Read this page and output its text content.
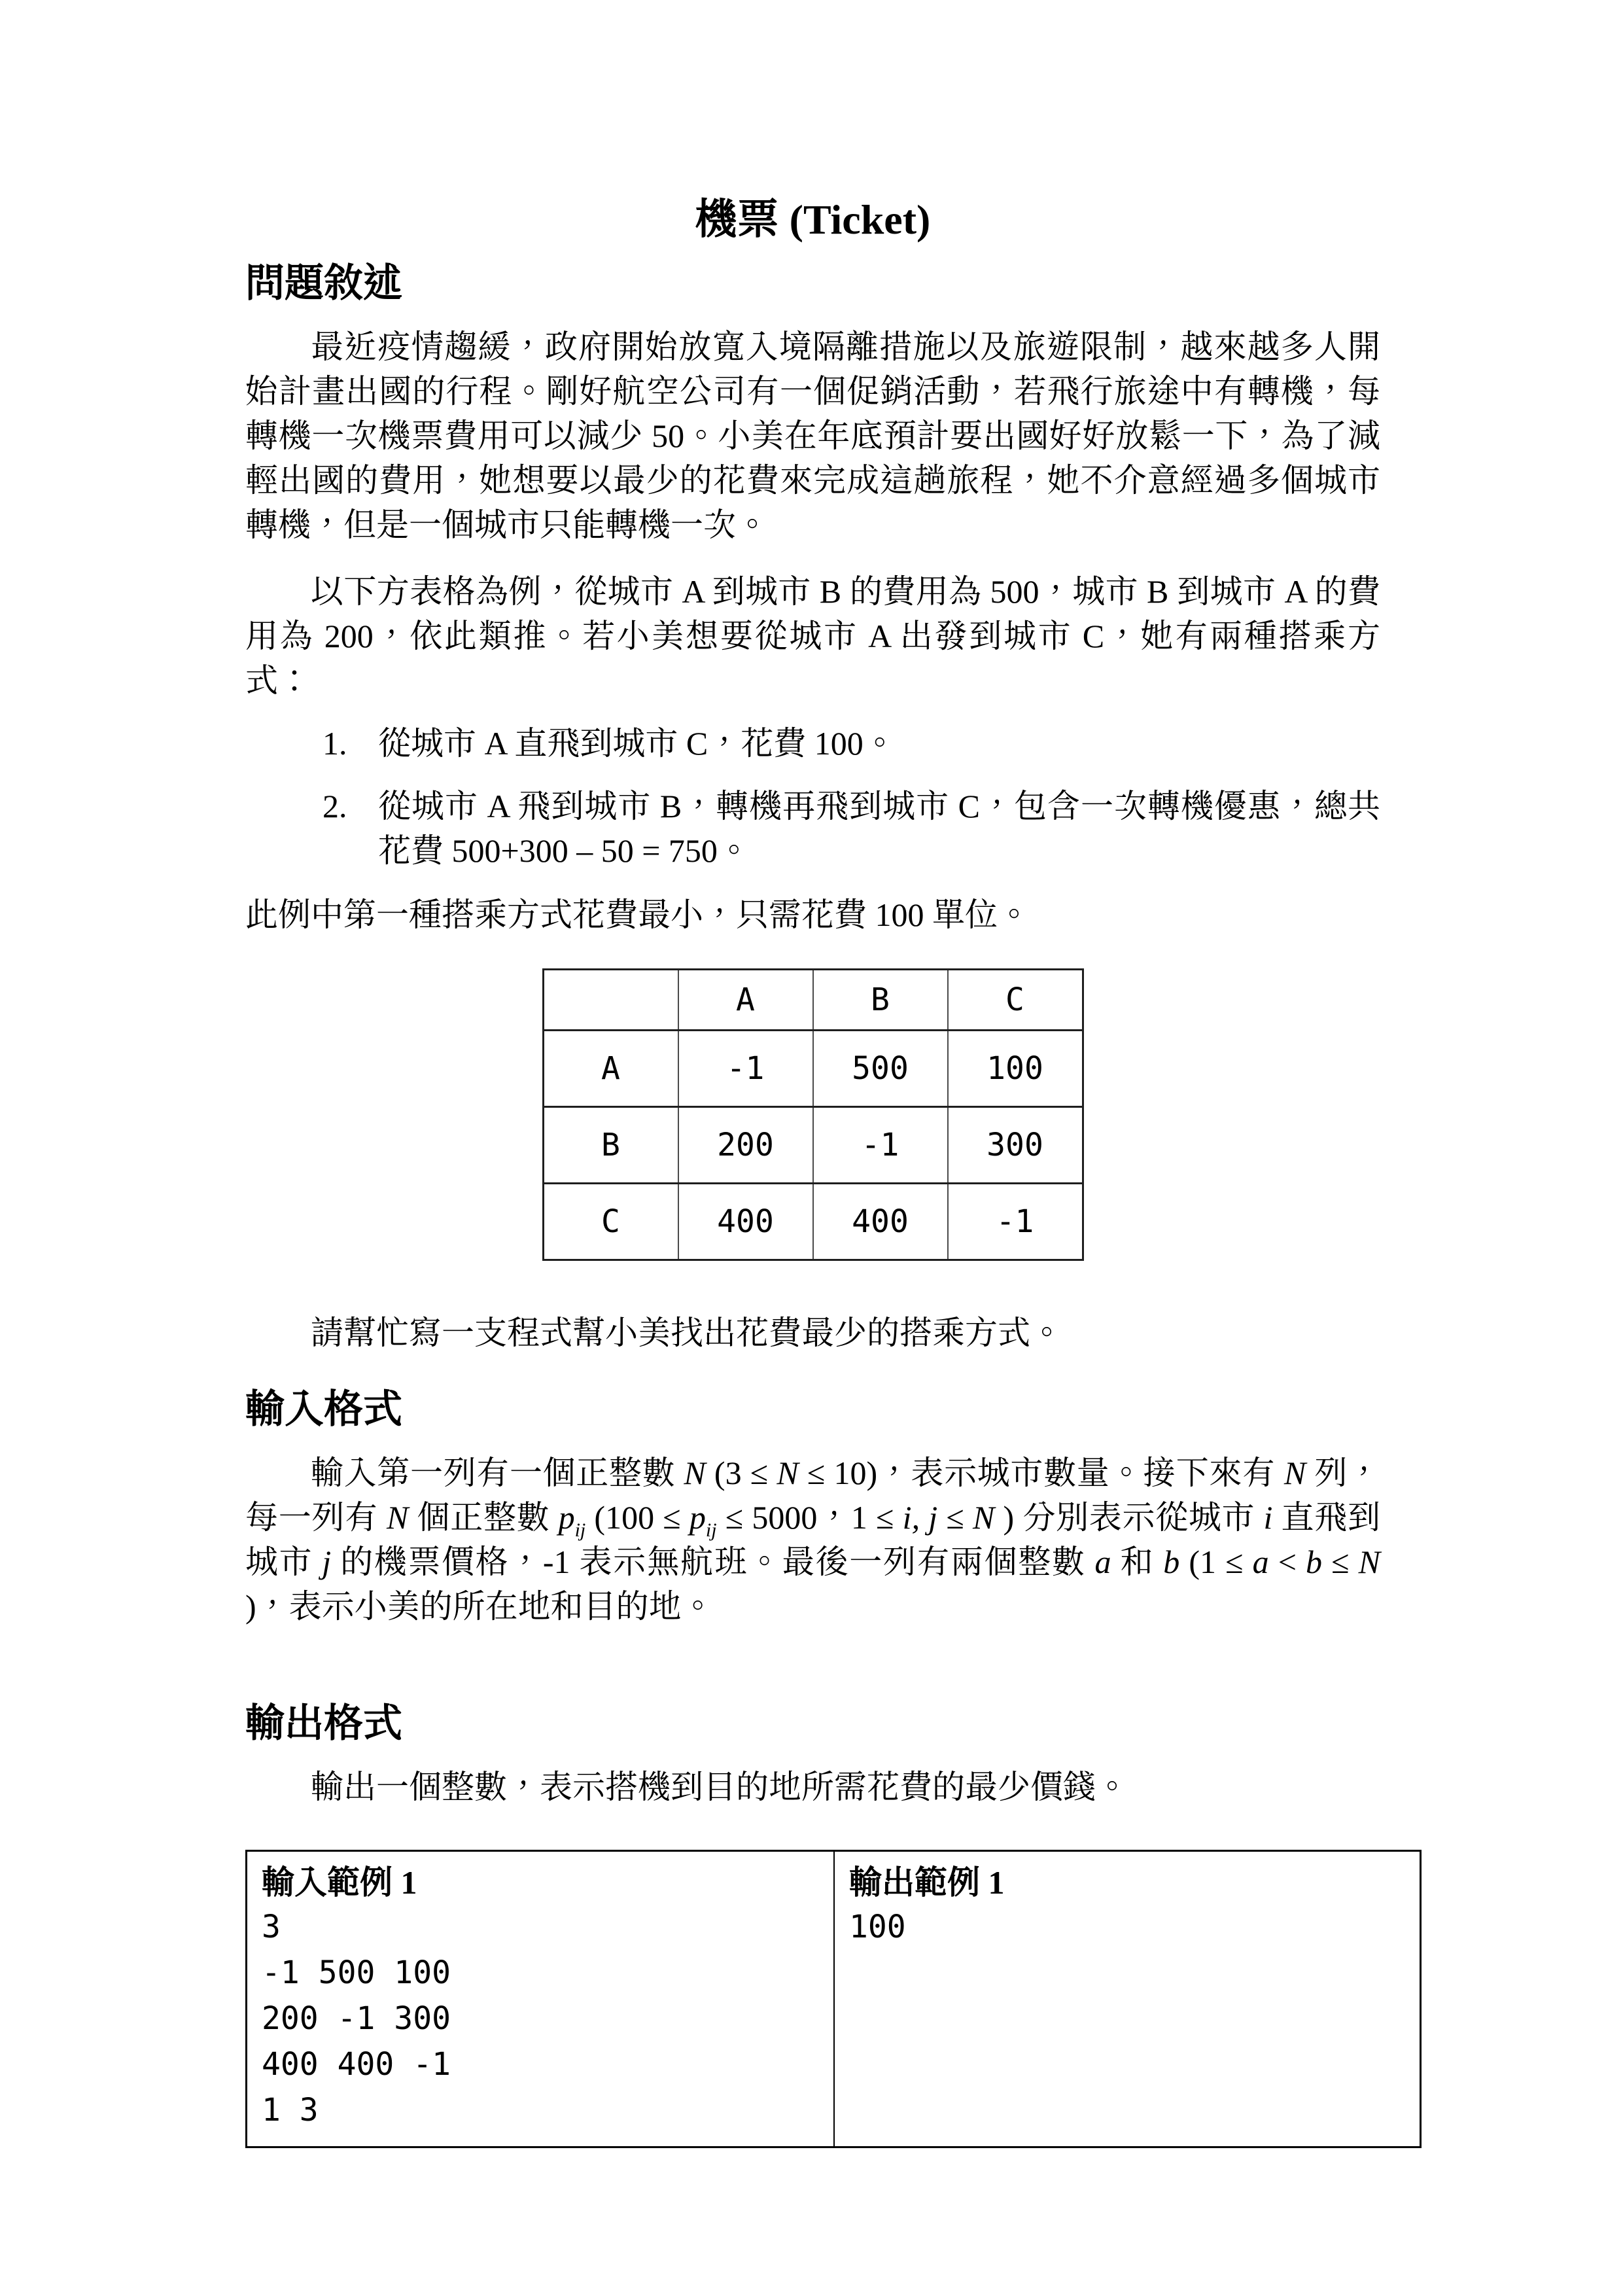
機票 (Ticket)
問題敘述

最近疫情趨緩，政府開始放寬入境隔離措施以及旅遊限制，越來越多人開始計畫出國的行程。剛好航空公司有一個促銷活動，若飛行旅途中有轉機，每轉機一次機票費用可以減少 50。小美在年底預計要出國好好放鬆一下，為了減輕出國的費用，她想要以最少的花費來完成這趟旅程，她不介意經過多個城市轉機，但是一個城市只能轉機一次。

以下方表格為例，從城市 A 到城市 B 的費用為 500，城市 B 到城市 A 的費用為 200，依此類推。若小美想要從城市 A 出發到城市 C，她有兩種搭乘方式：

1. 從城市 A 直飛到城市 C，花費 100。
2. 從城市 A 飛到城市 B，轉機再飛到城市 C，包含一次轉機優惠，總共花費 500+300 – 50 = 750。

此例中第一種搭乘方式花費最小，只需花費 100 單位。

	A	B	C
A	-1	500	100
B	200	-1	300
C	400	400	-1

請幫忙寫一支程式幫小美找出花費最少的搭乘方式。

輸入格式

輸入第一列有一個正整數 N (3 ≤ N ≤ 10)，表示城市數量。接下來有 N 列，每一列有 N 個正整數 $p_{ij}$ ($100 \le p_{ij} \le 5000$，1 ≤ i, j ≤ N ) 分別表示從城市 i 直飛到城市 j 的機票價格，-1 表示無航班。最後一列有兩個整數 a 和 b (1 ≤ a < b ≤ N )，表示小美的所在地和目的地。

輸出格式

輸出一個整數，表示搭機到目的地所需花費的最少價錢。

輸入範例 1
3
-1 500 100
200 -1 300
400 400 -1
1 3
輸出範例 1
100
